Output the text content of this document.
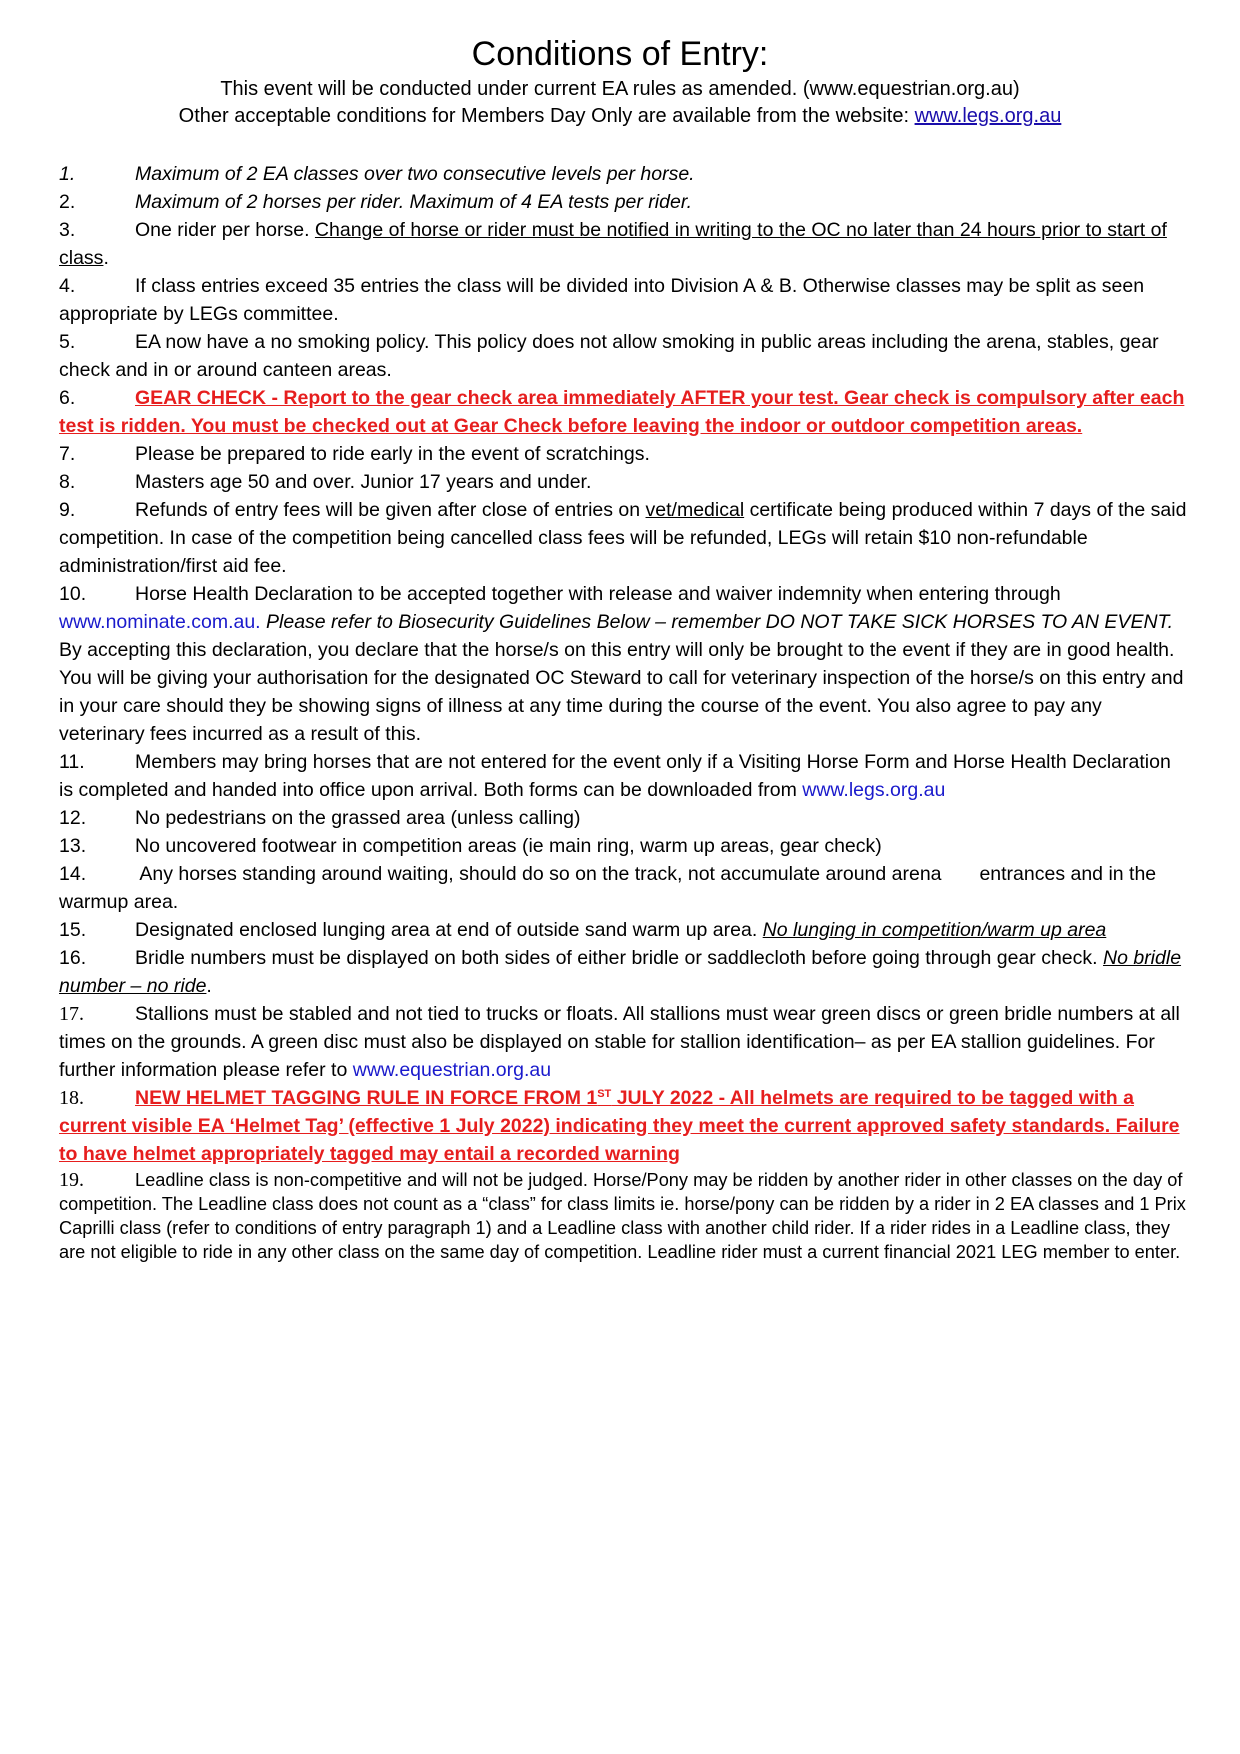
Conditions of Entry:
This event will be conducted under current EA rules as amended. (www.equestrian.org.au)
Other acceptable conditions for Members Day Only are available from the website: www.legs.org.au

1.	Maximum of 2 EA classes over two consecutive levels per horse.

2.	Maximum of 2 horses per rider. Maximum of 4 EA tests per rider.

3.	One rider per horse. Change of horse or rider must be notified in writing to the OC no later than 24 hours prior to start of class.

4.	If class entries exceed 35 entries the class will be divided into Division A & B. Otherwise classes may be split as seen appropriate by LEGs committee.

5.	EA now have a no smoking policy. This policy does not allow smoking in public areas including the arena, stables, gear check and in or around canteen areas.

6.	GEAR CHECK - Report to the gear check area immediately AFTER your test. Gear check is compulsory after each test is ridden. You must be checked out at Gear Check before leaving the indoor or outdoor competition areas.

7.	Please be prepared to ride early in the event of scratchings.

8.	Masters age 50 and over. Junior 17 years and under.

9.	Refunds of entry fees will be given after close of entries on vet/medical certificate being produced within 7 days of the said competition. In case of the competition being cancelled class fees will be refunded, LEGs will retain $10 non-refundable administration/first aid fee.

10.	Horse Health Declaration to be accepted together with release and waiver indemnity when entering through www.nominate.com.au. Please refer to Biosecurity Guidelines Below – remember DO NOT TAKE SICK HORSES TO AN EVENT. By accepting this declaration, you declare that the horse/s on this entry will only be brought to the event if they are in good health. You will be giving your authorisation for the designated OC Steward to call for veterinary inspection of the horse/s on this entry and in your care should they be showing signs of illness at any time during the course of the event. You also agree to pay any veterinary fees incurred as a result of this.

11.	Members may bring horses that are not entered for the event only if a Visiting Horse Form and Horse Health Declaration is completed and handed into office upon arrival. Both forms can be downloaded from www.legs.org.au

12.	No pedestrians on the grassed area (unless calling)

13.	No uncovered footwear in competition areas (ie main ring, warm up areas, gear check)

14.	Any horses standing around waiting, should do so on the track, not accumulate around arena       entrances and in the warmup area.

15.	Designated enclosed lunging area at end of outside sand warm up area. No lunging in competition/warm up area

16.	Bridle numbers must be displayed on both sides of either bridle or saddlecloth before going through gear check. No bridle number – no ride.

17.	Stallions must be stabled and not tied to trucks or floats. All stallions must wear green discs or green bridle numbers at all times on the grounds. A green disc must also be displayed on stable for stallion identification– as per EA stallion guidelines. For further information please refer to www.equestrian.org.au

18.	NEW HELMET TAGGING RULE IN FORCE FROM 1ST JULY 2022 - All helmets are required to be tagged with a current visible EA ‘Helmet Tag’ (effective 1 July 2022) indicating they meet the current approved safety standards. Failure to have helmet appropriately tagged may entail a recorded warning

19.	Leadline class is non-competitive and will not be judged. Horse/Pony may be ridden by another rider in other classes on the day of competition. The Leadline class does not count as a “class” for class limits ie. horse/pony can be ridden by a rider in 2 EA classes and 1 Prix Caprilli class (refer to conditions of entry paragraph 1) and a Leadline class with another child rider. If a rider rides in a Leadline class, they are not eligible to ride in any other class on the same day of competition. Leadline rider must a current financial 2021 LEG member to enter.
